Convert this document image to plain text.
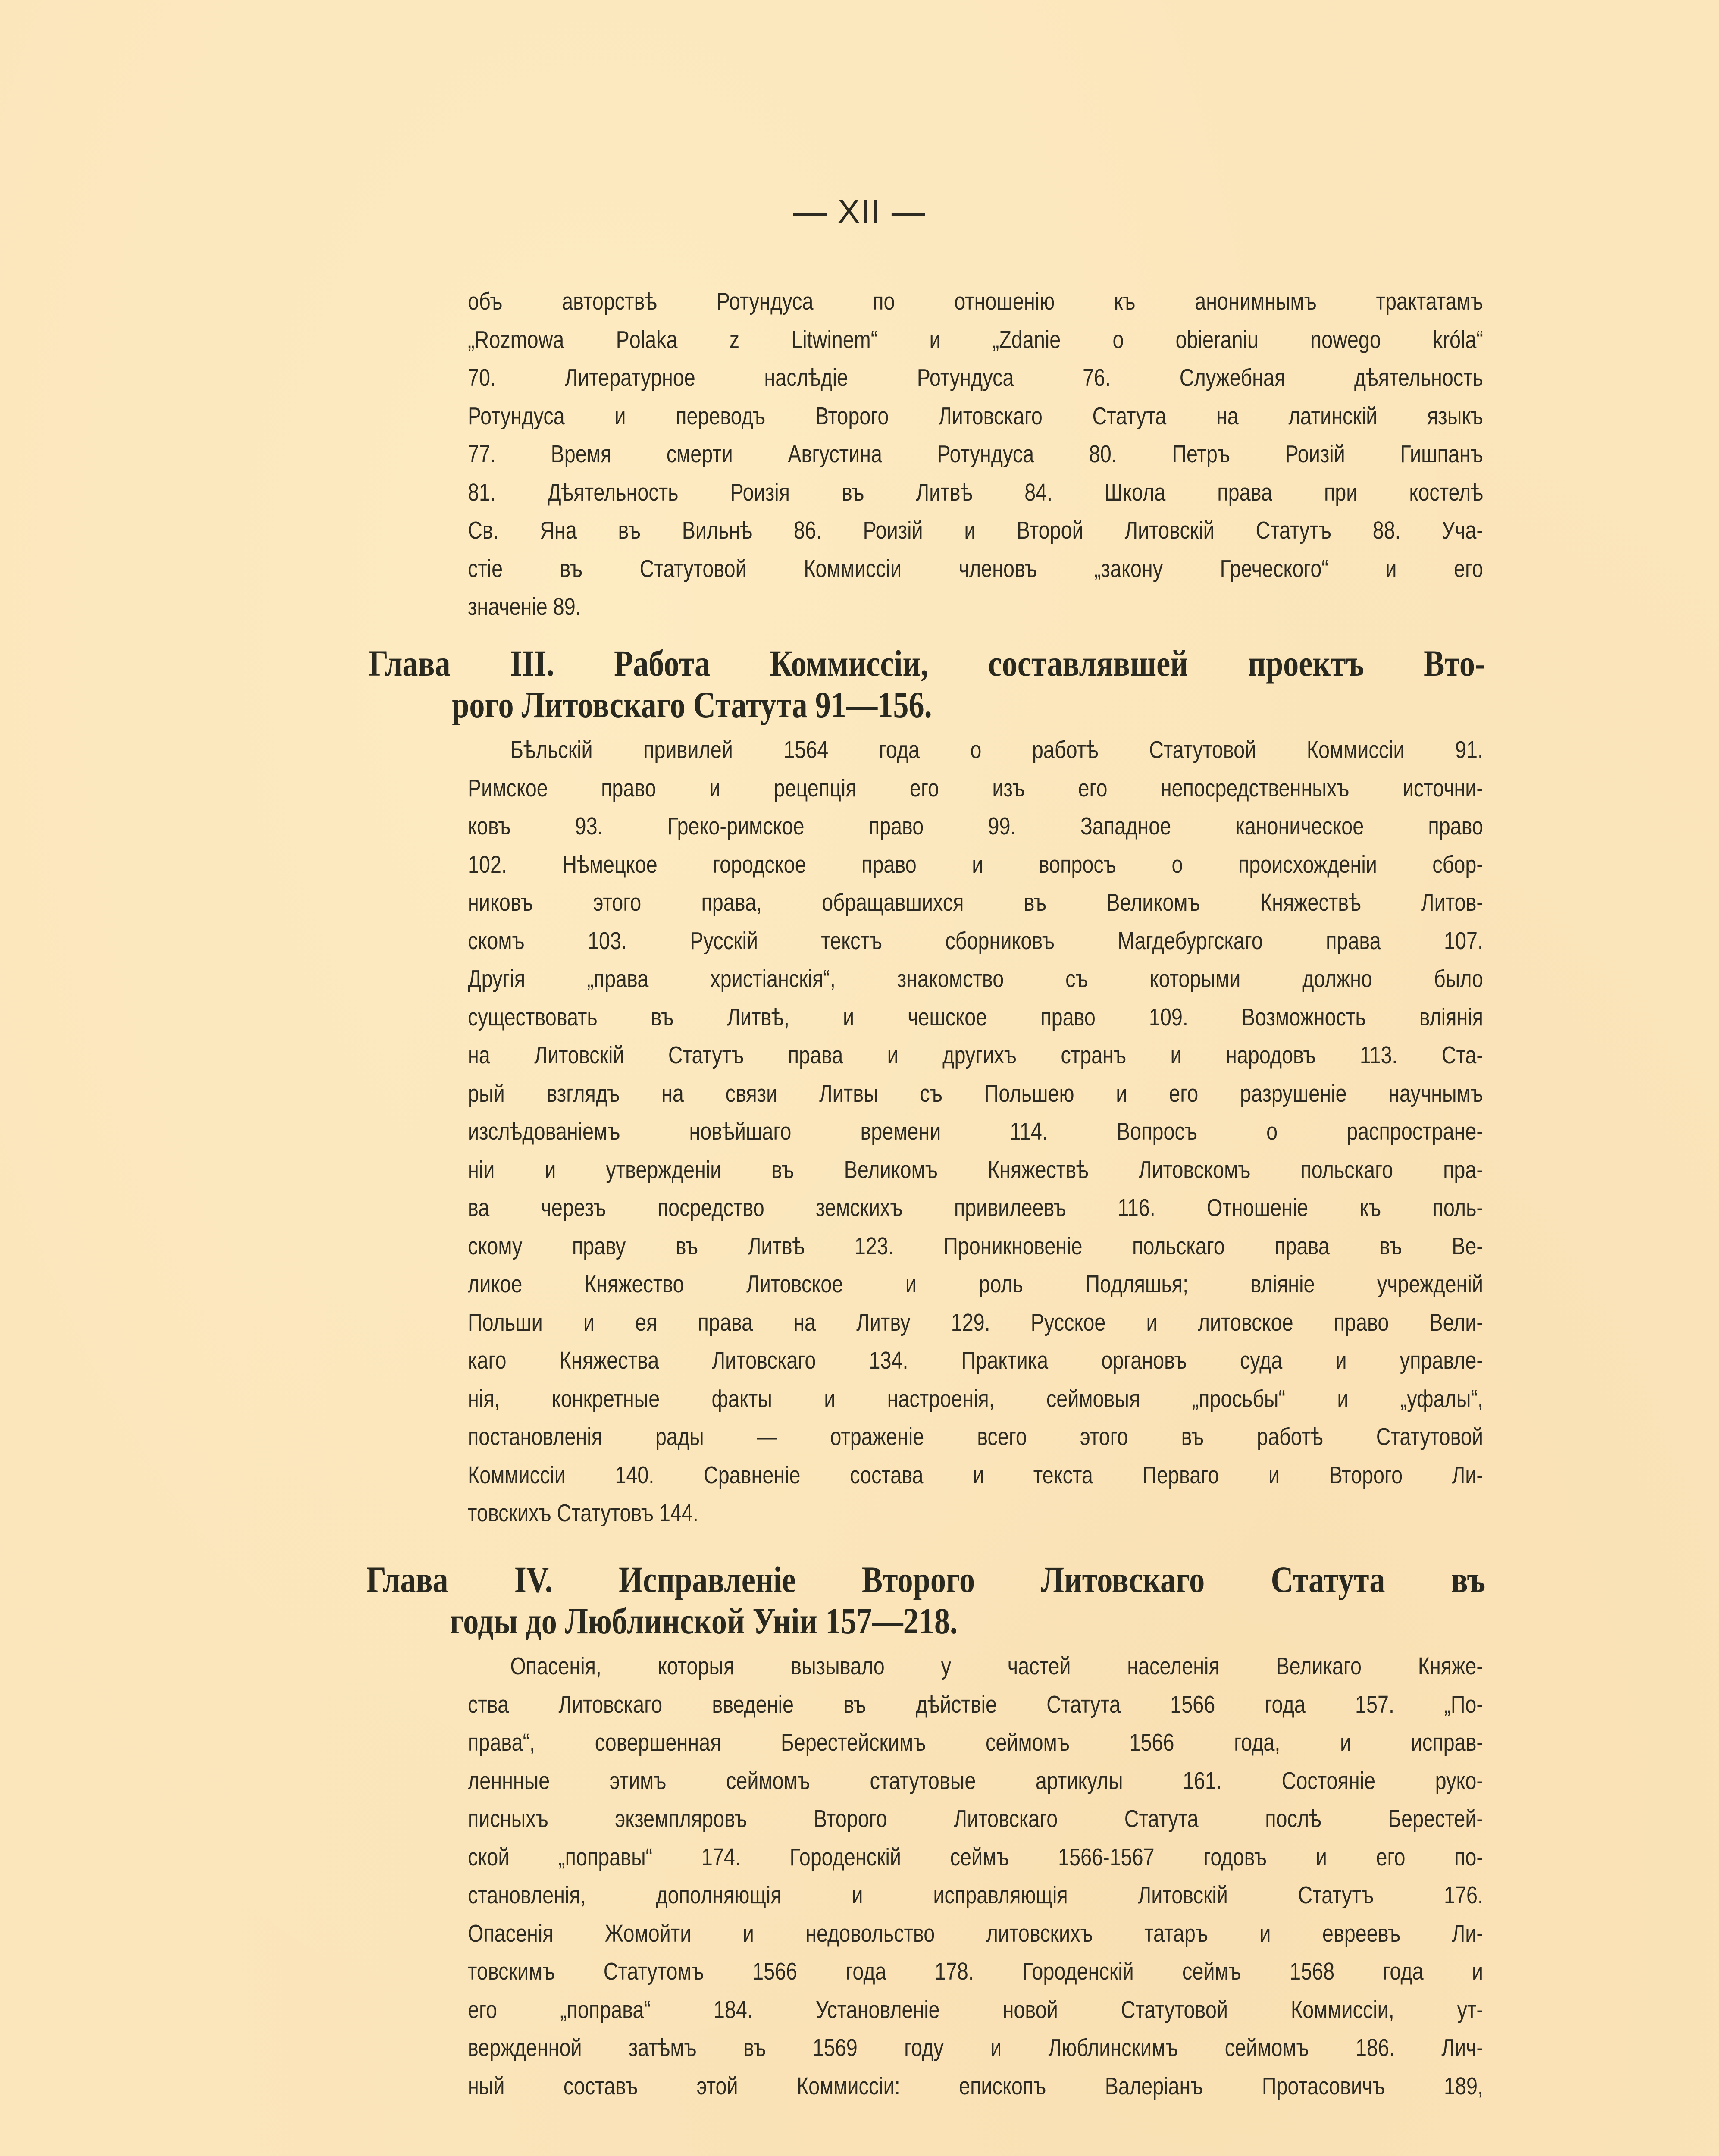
— XII —
объ авторствѣ Ротундуса по отношенію къ анонимнымъ трактатамъ
„Rozmowa Polaka z Litwinem“ и „Zdanie o obieraniu nowego króla“
70. Литературное наслѣдіе Ротундуса 76. Служебная дѣятельность
Ротундуса и переводъ Второго Литовскаго Статута на латинскій языкъ
77. Время смерти Августина Ротундуса 80. Петръ Роизій Гишпанъ
81. Дѣятельность Роизія въ Литвѣ 84. Школа права при костелѣ
Св. Яна въ Вильнѣ 86. Роизій и Второй Литовскій Статутъ 88. Уча-
стіе въ Статутовой Коммиссіи членовъ „закону Греческого“ и его
значеніе 89.
Глава III. Работа Коммиссіи, составлявшей проектъ Вто-
рого Литовскаго Статута 91—156.
Бѣльскій привилей 1564 года о работѣ Статутовой Коммиссіи 91.
Римское право и рецепція его изъ его непосредственныхъ источни-
ковъ 93. Греко-римское право 99. Западное каноническое право
102. Нѣмецкое городское право и вопросъ о происхожденіи сбор-
никовъ этого права, обращавшихся въ Великомъ Княжествѣ Литов-
скомъ 103. Русскій текстъ сборниковъ Магдебургскаго права 107.
Другія „права христіанскія“, знакомство съ которыми должно было
существовать въ Литвѣ, и чешское право 109. Возможность вліянія
на Литовскій Статутъ права и другихъ странъ и народовъ 113. Ста-
рый взглядъ на связи Литвы съ Польшею и его разрушеніе научнымъ
изслѣдованіемъ новѣйшаго времени 114. Вопросъ о распростране-
ніи и утвержденіи въ Великомъ Княжествѣ Литовскомъ польскаго пра-
ва черезъ посредство земскихъ привилеевъ 116. Отношеніе къ поль-
скому праву въ Литвѣ 123. Проникновеніе польскаго права въ Ве-
ликое Княжество Литовское и роль Подляшья; вліяніе учрежденій
Польши и ея права на Литву 129. Русское и литовское право Вели-
каго Княжества Литовскаго 134. Практика органовъ суда и управле-
нія, конкретные факты и настроенія, сеймовыя „просьбы“ и „уфалы“,
постановленія рады — отраженіе всего этого въ работѣ Статутовой
Коммиссіи 140. Сравненіе состава и текста Перваго и Второго Ли-
товскихъ Статутовъ 144.
Глава IV. Исправленіе Второго Литовскаго Статута въ
годы до Люблинской Уніи 157—218.
Опасенія, которыя вызывало у частей населенія Великаго Княже-
ства Литовскаго введеніе въ дѣйствіе Статута 1566 года 157. „По-
права“, совершенная Берестейскимъ сеймомъ 1566 года, и исправ-
леннные этимъ сеймомъ статутовые артикулы 161. Состояніе руко-
писныхъ экземпляровъ Второго Литовскаго Статута послѣ Берестей-
ской „поправы“ 174. Городенскій сеймъ 1566-1567 годовъ и его по-
становленія, дополняющія и исправляющія Литовскій Статутъ 176.
Опасенія Жомойти и недовольство литовскихъ татаръ и евреевъ Ли-
товскимъ Статутомъ 1566 года 178. Городенскій сеймъ 1568 года и
его „поправа“ 184. Установленіе новой Статутовой Коммиссіи, ут-
вержденной затѣмъ въ 1569 году и Люблинскимъ сеймомъ 186. Лич-
ный составъ этой Коммиссіи: епископъ Валеріанъ Протасовичъ 189,
